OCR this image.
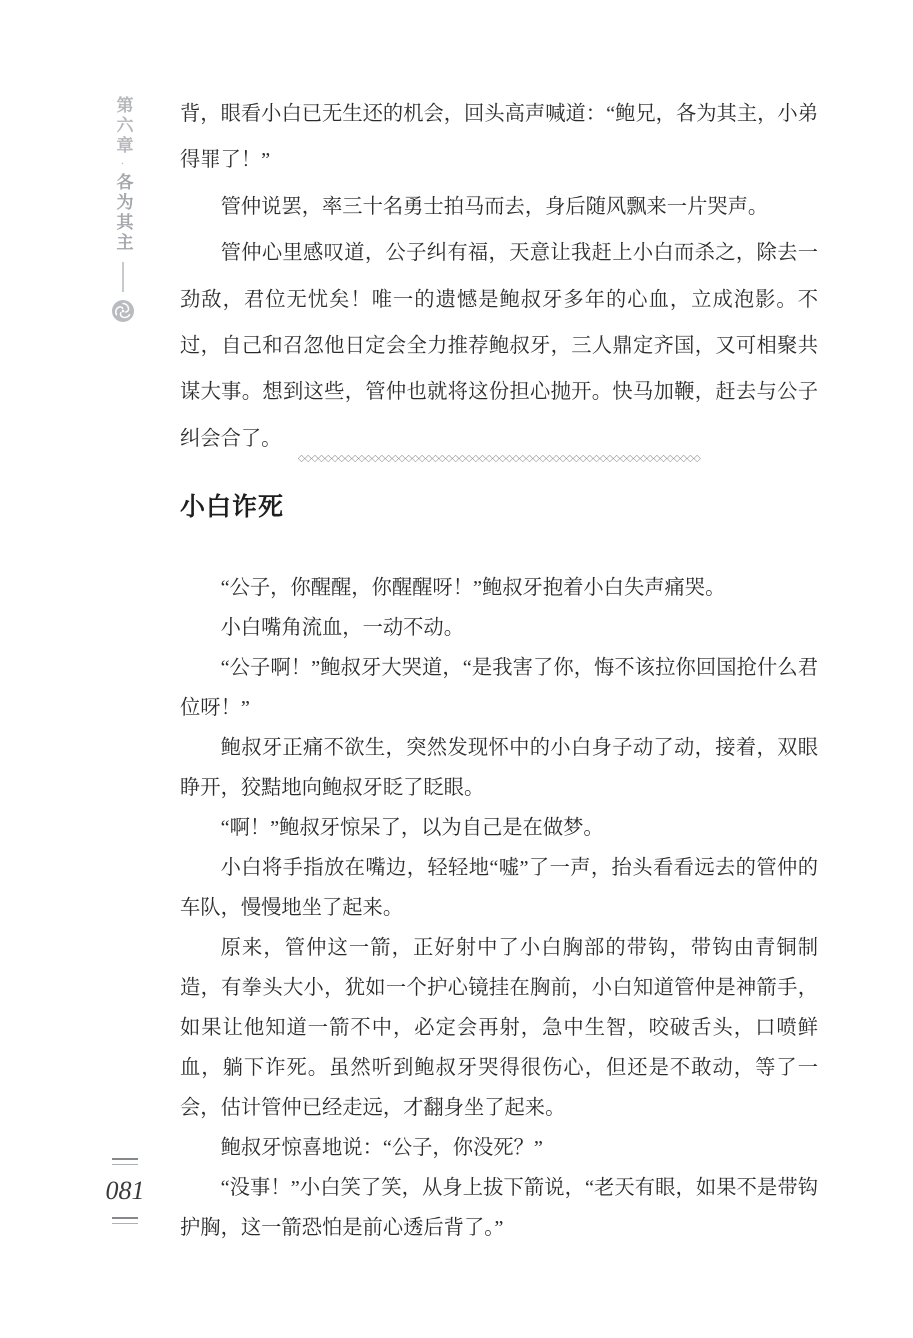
第六章·各为其主

背，眼看小白已无生还的机会，回头高声喊道：“鲍兄，各为其主，小弟得罪了！”

管仲说罢，率三十名勇士拍马而去，身后随风飘来一片哭声。

管仲心里感叹道，公子纠有福，天意让我赶上小白而杀之，除去一劲敌，君位无忧矣！唯一的遗憾是鲍叔牙多年的心血，立成泡影。不过，自己和召忽他日定会全力推荐鲍叔牙，三人鼎定齐国，又可相聚共谋大事。想到这些，管仲也就将这份担心抛开。快马加鞭，赶去与公子纠会合了。

◇◇◇◇◇◇◇◇◇◇◇◇◇◇◇◇◇◇◇◇◇◇◇◇◇◇◇◇◇◇◇◇◇◇◇◇◇◇◇◇◇◇◇◇◇◇◇◇◇◇◇◇◇◇◇◇◇◇◇◇
小白诈死

“公子，你醒醒，你醒醒呀！”鲍叔牙抱着小白失声痛哭。

小白嘴角流血，一动不动。

“公子啊！”鲍叔牙大哭道，“是我害了你，悔不该拉你回国抢什么君位呀！”

鲍叔牙正痛不欲生，突然发现怀中的小白身子动了动，接着，双眼睁开，狡黠地向鲍叔牙眨了眨眼。

“啊！”鲍叔牙惊呆了，以为自己是在做梦。

小白将手指放在嘴边，轻轻地“嘘”了一声，抬头看看远去的管仲的车队，慢慢地坐了起来。

原来，管仲这一箭，正好射中了小白胸部的带钩，带钩由青铜制造，有拳头大小，犹如一个护心镜挂在胸前，小白知道管仲是神箭手，如果让他知道一箭不中，必定会再射，急中生智，咬破舌头，口喷鲜血，躺下诈死。虽然听到鲍叔牙哭得很伤心，但还是不敢动，等了一会，估计管仲已经走远，才翻身坐了起来。

鲍叔牙惊喜地说：“公子，你没死？”

“没事！”小白笑了笑，从身上拔下箭说，“老天有眼，如果不是带钩护胸，这一箭恐怕是前心透后背了。”

081
